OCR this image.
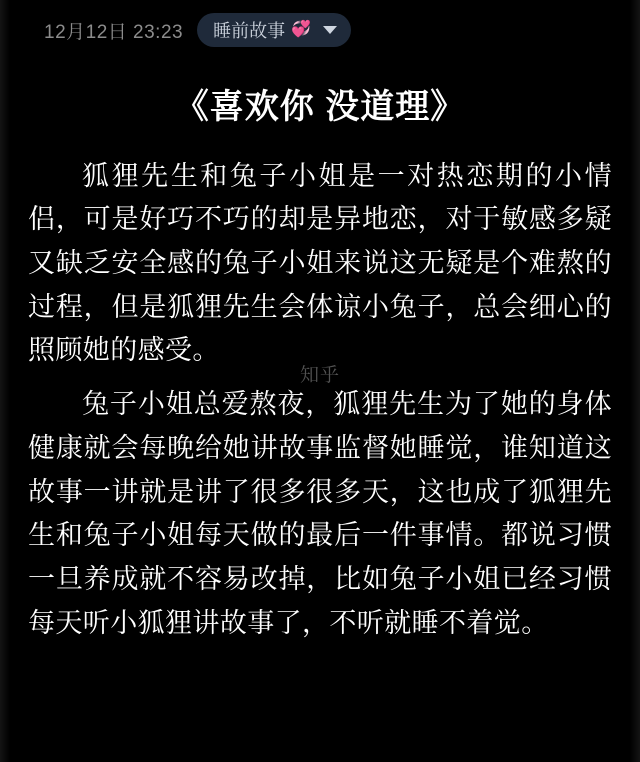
12月12日 23:23 睡前故事 💞
《喜欢你 没道理》

狐狸先生和兔子小姐是一对热恋期的小情侣，可是好巧不巧的却是异地恋，对于敏感多疑又缺乏安全感的兔子小姐来说这无疑是个难熬的过程，但是狐狸先生会体谅小兔子，总会细心的照顾她的感受。

兔子小姐总爱熬夜，狐狸先生为了她的身体健康就会每晚给她讲故事监督她睡觉，谁知道这故事一讲就是讲了很多很多天，这也成了狐狸先生和兔子小姐每天做的最后一件事情。都说习惯一旦养成就不容易改掉，比如兔子小姐已经习惯每天听小狐狸讲故事了，不听就睡不着觉。

知乎
